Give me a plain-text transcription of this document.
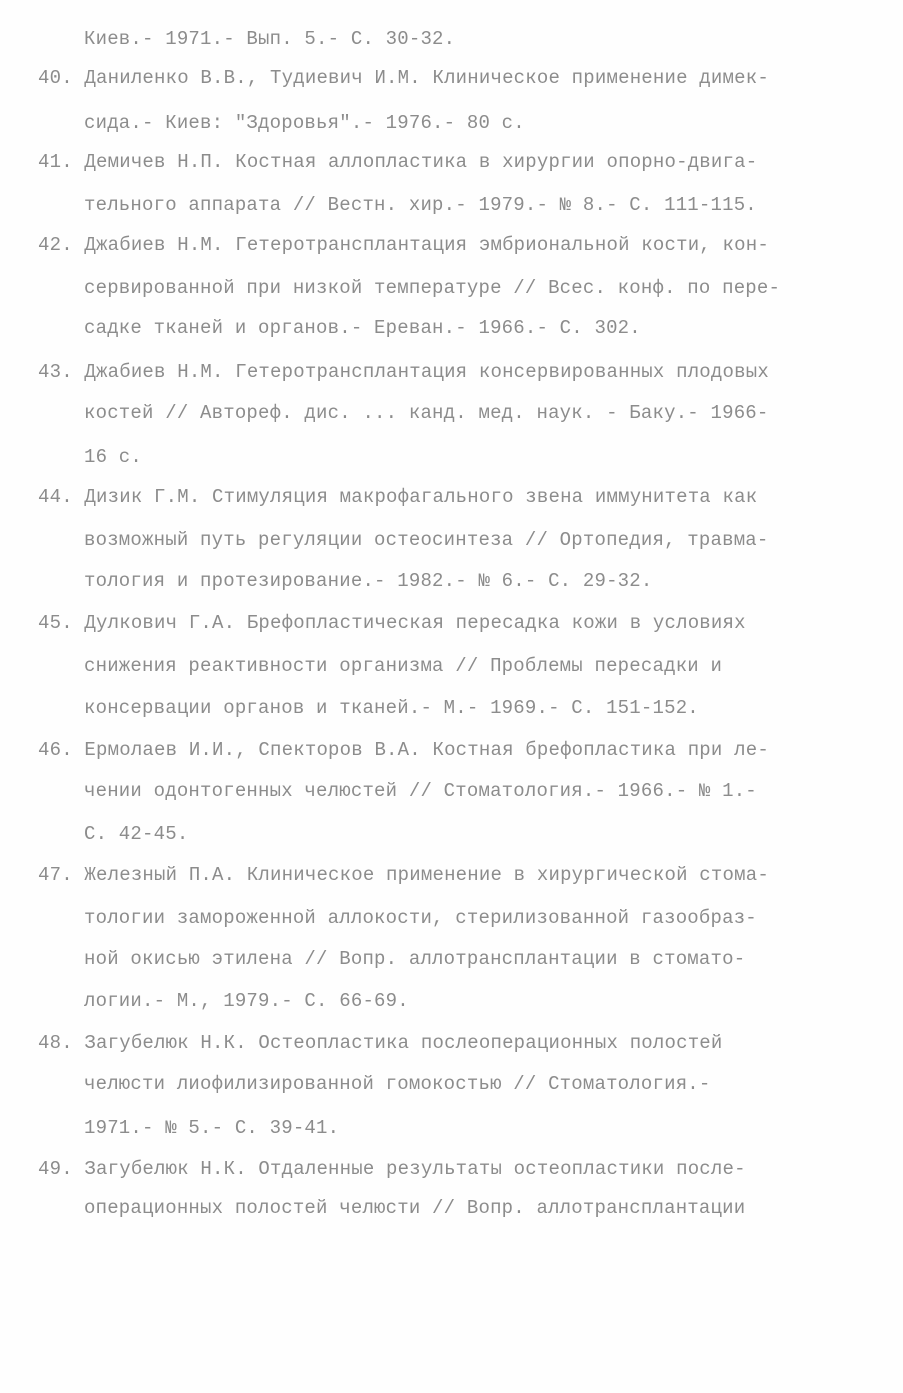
Киев.- 1971.- Вып. 5.- С. 30-32.
40. Даниленко В.В., Тудиевич И.М. Клиническое применение димек-
сида.- Киев: "Здоровья".- 1976.- 80 с.
41. Демичев Н.П. Костная аллопластика в хирургии опорно-двига-
тельного аппарата // Вестн. хир.- 1979.- № 8.- С. 111-115.
42. Джабиев Н.М. Гетеротрансплантация эмбриональной кости, кон-
сервированной при низкой температуре // Всес. конф. по пере-
садке тканей и органов.- Ереван.- 1966.- С. 302.
43. Джабиев Н.М. Гетеротрансплантация консервированных плодовых
костей // Автореф. дис. ... канд. мед. наук. - Баку.- 1966-
16 с.
44. Дизик Г.М. Стимуляция макрофагального звена иммунитета как
возможный путь регуляции остеосинтеза // Ортопедия, травма-
тология и протезирование.- 1982.- № 6.- С. 29-32.
45. Дулкович Г.А. Брефопластическая пересадка кожи в условиях
снижения реактивности организма // Проблемы пересадки и
консервации органов и тканей.- М.- 1969.- С. 151-152.
46. Ермолаев И.И., Спекторов В.А. Костная брефопластика при ле-
чении одонтогенных челюстей // Стоматология.- 1966.- № 1.-
С. 42-45.
47. Железный П.А. Клиническое применение в хирургической стома-
тологии замороженной аллокости, стерилизованной газообраз-
ной окисью этилена // Вопр. аллотрансплантации в стомато-
логии.- М., 1979.- С. 66-69.
48. Загубелюк Н.К. Остеопластика послеоперационных полостей
челюсти лиофилизированной гомокостью // Стоматология.-
1971.- № 5.- С. 39-41.
49. Загубелюк Н.К. Отдаленные результаты остеопластики после-
операционных полостей челюсти // Вопр. аллотрансплантации
